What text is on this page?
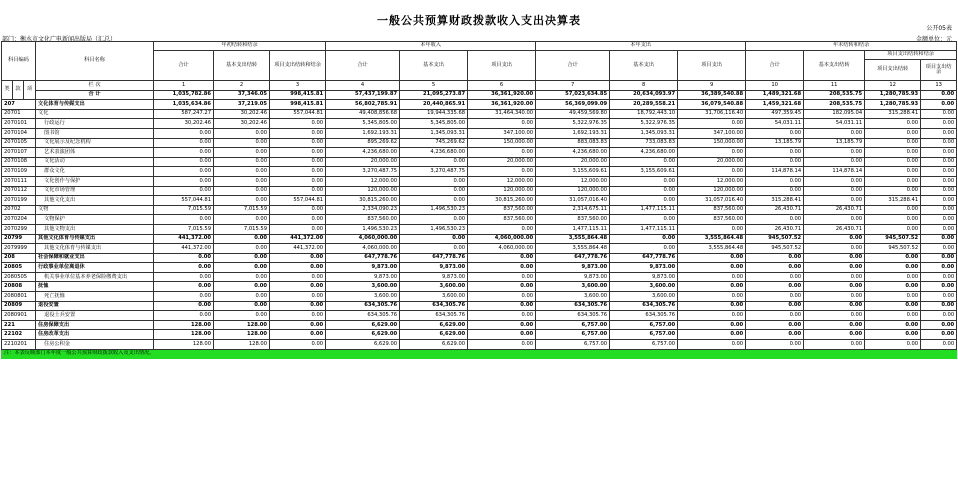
一般公共预算财政拨款收入支出决算表
公开05表
部门：衡水市文化广电新闻出版局（汇总）	金额单位：元
科目编码			科目名称	年初结转和结余			本年收入			本年支出			年末结转和结余			
				合计	基本支出结转	项目支出结转和结余	合计	基本支出	项目支出	合计	基本支出	项目支出	合计	基本支出结转	项目支出结转和结余	
															项目支出结转	项目支出结余
类	款	项	栏 次	1	2	3	4	5	6	7	8	9	10	11	12	13
			合 计	1,035,782.86	37,346.05	998,415.81	57,437,199.87	21,095,273.87	36,361,920.00	57,023,634.85	20,634,093.97	36,389,540.88	1,489,321.68	208,535.75	1,280,785.93	0.00
207			文化体育与传媒支出	1,035,634.86	37,219.05	998,415.81	56,802,785.91	20,440,865.91	36,361,920.00	56,369,099.09	20,289,558.21	36,079,540.88	1,459,321.68	208,535.75	1,280,785.93	0.00
20701			文化	587,247.27	30,202.46	557,044.81	49,408,856.68	19,944,335.68	31,464,340.00	49,459,569.80	18,792,443.10	31,706,116.40	497,359.45	182,095.04	315,288.41	0.00
2070101			行政运行	30,202.46	30,202.46	0.00	5,345,805.00	5,345,805.00	0.00	5,322,976.35	5,322,976.35	0.00	54,031.11	54,031.11	0.00	0.00
2070104			图书馆	0.00	0.00	0.00	1,692,193.31	1,345,093.31	347,100.00	1,692,193.31	1,345,093.31	347,100.00	0.00	0.00	0.00	0.00
2070105			文化展示及纪念机构	0.00	0.00	0.00	895,269.62	745,269.62	150,000.00	883,083.83	733,083.83	150,000.00	13,185.79	13,185.79	0.00	0.00
2070107			艺术表演团体	0.00	0.00	0.00	4,236,680.00	4,236,680.00	0.00	4,236,680.00	4,236,680.00	0.00	0.00	0.00	0.00	0.00
2070108			文化活动	0.00	0.00	0.00	20,000.00	0.00	20,000.00	20,000.00	0.00	20,000.00	0.00	0.00	0.00	0.00
2070109			群众文化	0.00	0.00	0.00	3,270,487.75	3,270,487.75	0.00	3,155,609.61	3,155,609.61	0.00	114,878.14	114,878.14	0.00	0.00
2070111			文化创作与保护	0.00	0.00	0.00	12,000.00	0.00	12,000.00	12,000.00	0.00	12,000.00	0.00	0.00	0.00	0.00
2070112			文化市场管理	0.00	0.00	0.00	120,000.00	0.00	120,000.00	120,000.00	0.00	120,000.00	0.00	0.00	0.00	0.00
2070199			其他文化支出	557,044.81	0.00	557,044.81	30,815,260.00	0.00	30,815,260.00	31,057,016.40	0.00	31,057,016.40	315,288.41	0.00	315,288.41	0.00
20702			文物	7,015.59	7,015.59	0.00	2,334,090.23	1,496,530.23	837,560.00	2,314,675.11	1,477,115.11	837,560.00	26,430.71	26,430.71	0.00	0.00
2070204			文物保护	0.00	0.00	0.00	837,560.00	0.00	837,560.00	837,560.00	0.00	837,560.00	0.00	0.00	0.00	0.00
2070299			其他文物支出	7,015.59	7,015.59	0.00	1,496,530.23	1,496,530.23	0.00	1,477,115.11	1,477,115.11	0.00	26,430.71	26,430.71	0.00	0.00
20799			其他文化体育与传媒支出	441,372.00	0.00	441,372.00	4,060,000.00	0.00	4,060,000.00	3,555,864.48	0.00	3,555,864.48	945,507.52	0.00	945,507.52	0.00
2079999			其他文化体育与传媒支出	441,372.00	0.00	441,372.00	4,060,000.00	0.00	4,060,000.00	3,555,864.48	0.00	3,555,864.48	945,507.52	0.00	945,507.52	0.00
208			社会保障和就业支出	0.00	0.00	0.00	647,778.76	647,778.76	0.00	647,778.76	647,778.76	0.00	0.00	0.00	0.00	0.00
20805			行政事业单位离退休	0.00	0.00	0.00	9,873.00	9,873.00	0.00	9,873.00	9,873.00	0.00	0.00	0.00	0.00	0.00
2080505			机关事业单位基本养老保险缴费支出	0.00	0.00	0.00	9,873.00	9,873.00	0.00	9,873.00	9,873.00	0.00	0.00	0.00	0.00	0.00
20808			抚恤	0.00	0.00	0.00	3,600.00	3,600.00	0.00	3,600.00	3,600.00	0.00	0.00	0.00	0.00	0.00
2080801			死亡抚恤	0.00	0.00	0.00	3,600.00	3,600.00	0.00	3,600.00	3,600.00	0.00	0.00	0.00	0.00	0.00
20809			退役安置	0.00	0.00	0.00	634,305.76	634,305.76	0.00	634,305.76	634,305.76	0.00	0.00	0.00	0.00	0.00
2080901			退役士兵安置	0.00	0.00	0.00	634,305.76	634,305.76	0.00	634,305.76	634,305.76	0.00	0.00	0.00	0.00	0.00
221			住房保障支出	128.00	128.00	0.00	6,629.00	6,629.00	0.00	6,757.00	6,757.00	0.00	0.00	0.00	0.00	0.00
22102			住房改革支出	128.00	128.00	0.00	6,629.00	6,629.00	0.00	6,757.00	6,757.00	0.00	0.00	0.00	0.00	0.00
2210201			住房公积金	128.00	128.00	0.00	6,629.00	6,629.00	0.00	6,757.00	6,757.00	0.00	0.00	0.00	0.00	0.00
注：本表反映部门本年度一般公共预算财政拨款收入及支出情况。																
